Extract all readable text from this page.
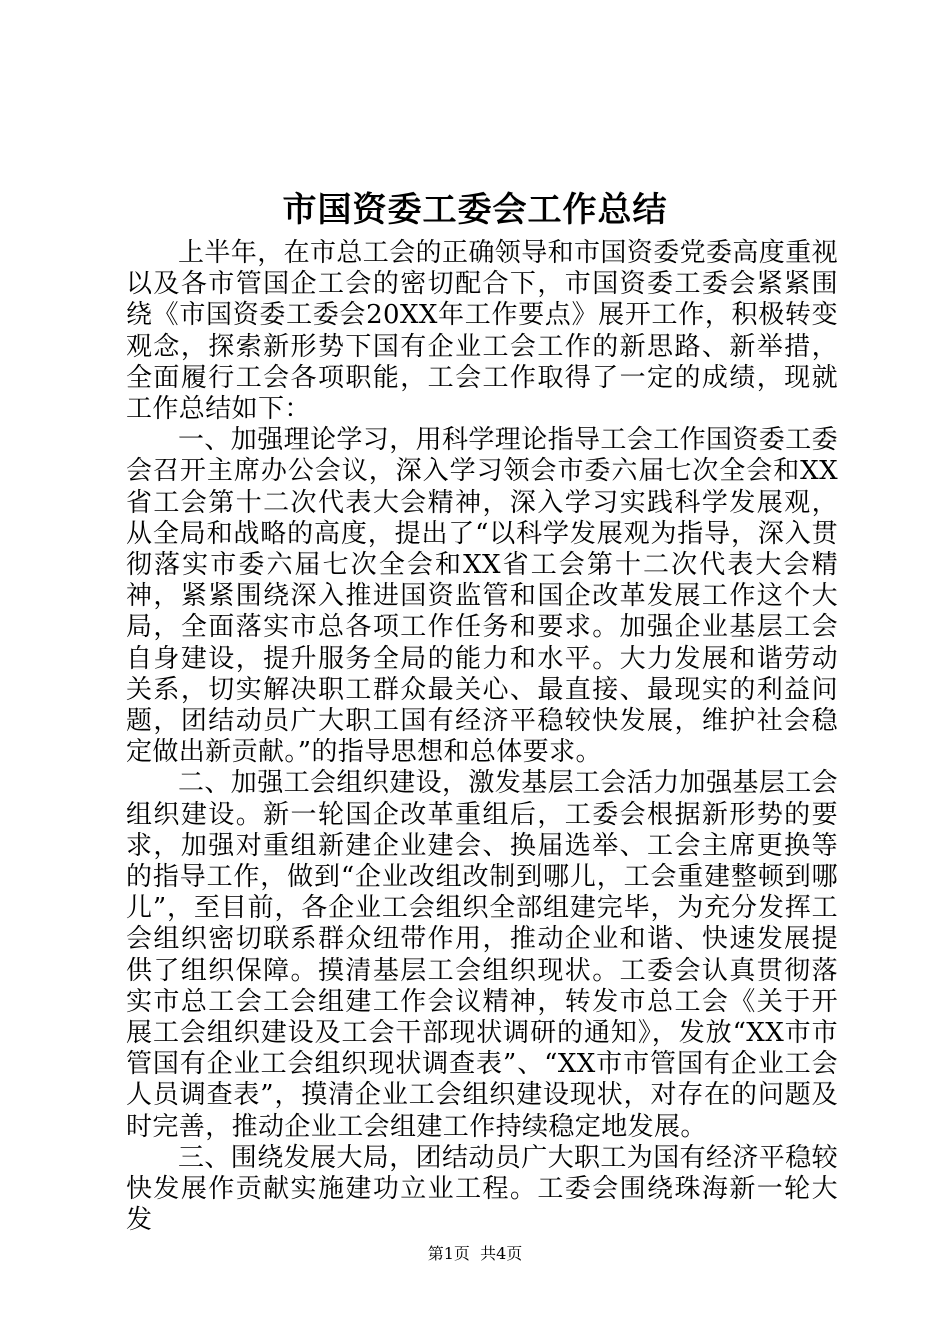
市国资委工委会工作总结

上半年，在市总工会的正确领导和市国资委党委高度重视以及各市管国企工会的密切配合下，市国资委工委会紧紧围绕《市国资委工委会20XX年工作要点》展开工作，积极转变观念，探索新形势下国有企业工会工作的新思路、新举措，全面履行工会各项职能，工会工作取得了一定的成绩，现就工作总结如下：

一、加强理论学习，用科学理论指导工会工作国资委工委会召开主席办公会议，深入学习领会市委六届七次全会和XX省工会第十二次代表大会精神，深入学习实践科学发展观，从全局和战略的高度，提出了“以科学发展观为指导，深入贯彻落实市委六届七次全会和XX省工会第十二次代表大会精神，紧紧围绕深入推进国资监管和国企改革发展工作这个大局，全面落实市总各项工作任务和要求。加强企业基层工会自身建设，提升服务全局的能力和水平。大力发展和谐劳动关系，切实解决职工群众最关心、最直接、最现实的利益问题，团结动员广大职工国有经济平稳较快发展，维护社会稳定做出新贡献。”的指导思想和总体要求。

二、加强工会组织建设，激发基层工会活力加强基层工会组织建设。新一轮国企改革重组后，工委会根据新形势的要求，加强对重组新建企业建会、换届选举、工会主席更换等的指导工作，做到“企业改组改制到哪儿，工会重建整顿到哪儿”，至目前，各企业工会组织全部组建完毕，为充分发挥工会组织密切联系群众纽带作用，推动企业和谐、快速发展提供了组织保障。摸清基层工会组织现状。工委会认真贯彻落实市总工会工会组建工作会议精神，转发市总工会《关于开展工会组织建设及工会干部现状调研的通知》，发放“XX市市管国有企业工会组织现状调查表”、“XX市市管国有企业工会人员调查表”，摸清企业工会组织建设现状，对存在的问题及时完善，推动企业工会组建工作持续稳定地发展。

三、围绕发展大局，团结动员广大职工为国有经济平稳较快发展作贡献实施建功立业工程。工委会围绕珠海新一轮大发

第1页 共4页
